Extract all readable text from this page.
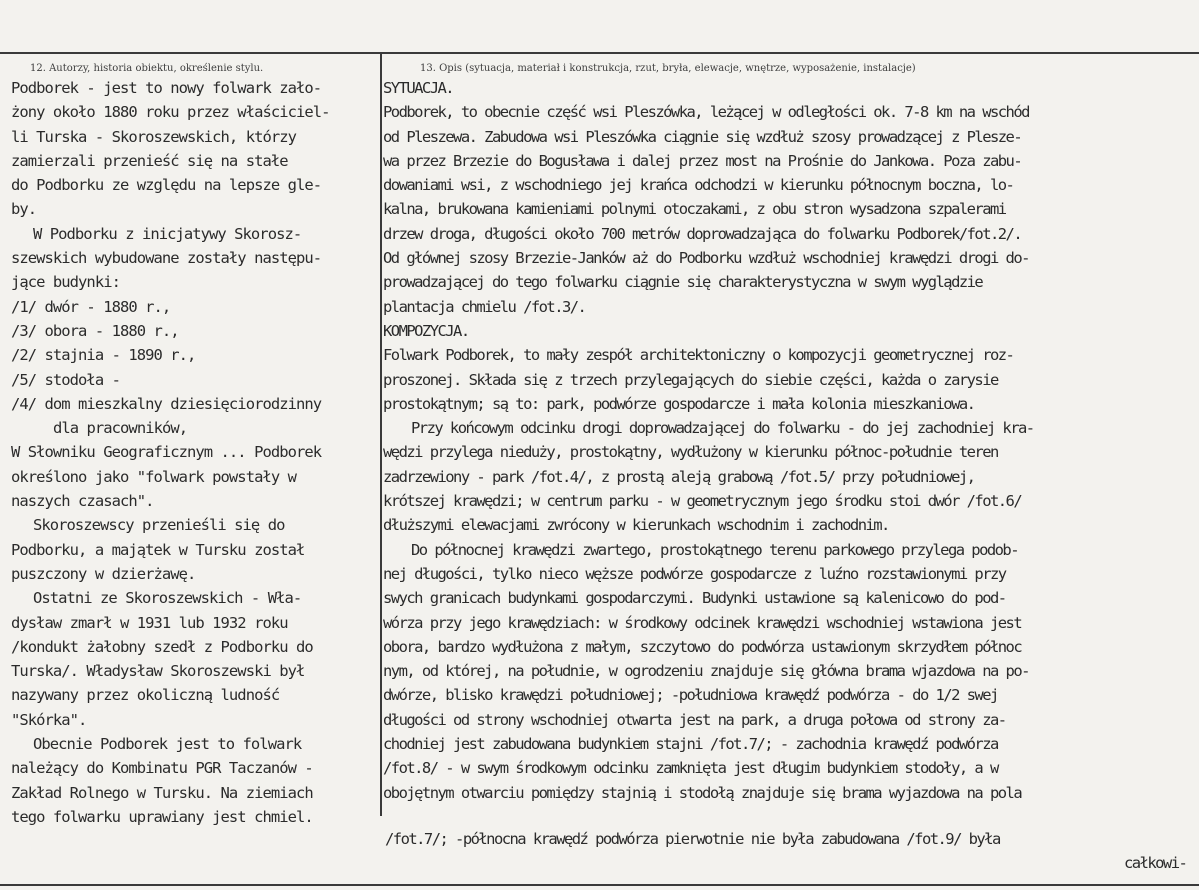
12. Autorzy, historia obiektu, określenie stylu.	13. Opis (sytuacja, materiał i konstrukcja, rzut, bryła, elewacje, wnętrze, wyposażenie, instalacje)
Podborek - jest to nowy folwark zało-
żony około 1880 roku przez właściciel-
li Turska - Skoroszewskich, którzy
zamierzali przenieść się na stałe
do Podborku ze względu na lepsze gle-
by.
W Podborku z inicjatywy Skorosz-
szewskich wybudowane zostały następu-
jące budynki:
/1/ dwór - 1880 r.,
/3/ obora - 1880 r.,
/2/ stajnia - 1890 r.,
/5/ stodoła -
/4/ dom mieszkalny dziesięciorodzinny
dla pracowników,
W Słowniku Geograficznym ... Podborek
określono jako "folwark powstały w
naszych czasach".
Skoroszewscy przenieśli się do
Podborku, a majątek w Tursku został
puszczony w dzierżawę.
Ostatni ze Skoroszewskich - Wła-
dysław zmarł w 1931 lub 1932 roku
/kondukt żałobny szedł z Podborku do
Turska/. Władysław Skoroszewski był
nazywany przez okoliczną ludność
"Skórka".
Obecnie Podborek jest to folwark
należący do Kombinatu PGR Taczanów -
Zakład Rolnego w Tursku. Na ziemiach
tego folwarku uprawiany jest chmiel.
SYTUACJA.
Podborek, to obecnie część wsi Pleszówka, leżącej w odległości ok. 7-8 km na wschód
od Pleszewa. Zabudowa wsi Pleszówka ciągnie się wzdłuż szosy prowadzącej z Plesze-
wa przez Brzezie do Bogusława i dalej przez most na Prośnie do Jankowa. Poza zabu-
dowaniami wsi, z wschodniego jej krańca odchodzi w kierunku północnym boczna, lo-
kalna, brukowana kamieniami polnymi otoczakami, z obu stron wysadzona szpalerami
drzew droga, długości około 700 metrów doprowadzająca do folwarku Podborek/fot.2/.
Od głównej szosy Brzezie-Janków aż do Podborku wzdłuż wschodniej krawędzi drogi do-
prowadzającej do tego folwarku ciągnie się charakterystyczna w swym wyglądzie
plantacja chmielu /fot.3/.
KOMPOZYCJA.
Folwark Podborek, to mały zespół architektoniczny o kompozycji geometrycznej roz-
proszonej. Składa się z trzech przylegających do siebie części, każda o zarysie
prostokątnym; są to: park, podwórze gospodarcze i mała kolonia mieszkaniowa.
Przy końcowym odcinku drogi doprowadzającej do folwarku - do jej zachodniej kra-
wędzi przylega nieduży, prostokątny, wydłużony w kierunku północ-południe teren
zadrzewiony - park /fot.4/, z prostą aleją grabową /fot.5/ przy południowej,
krótszej krawędzi; w centrum parku - w geometrycznym jego środku stoi dwór /fot.6/
dłuższymi elewacjami zwrócony w kierunkach wschodnim i zachodnim.
Do północnej krawędzi zwartego, prostokątnego terenu parkowego przylega podob-
nej długości, tylko nieco węższe podwórze gospodarcze z luźno rozstawionymi przy
swych granicach budynkami gospodarczymi. Budynki ustawione są kalenicowo do pod-
wórza przy jego krawędziach: w środkowy odcinek krawędzi wschodniej wstawiona jest
obora, bardzo wydłużona z małym, szczytowo do podwórza ustawionym skrzydłem północ
nym, od której, na południe, w ogrodzeniu znajduje się główna brama wjazdowa na po-
dwórze, blisko krawędzi południowej; -południowa krawędź podwórza - do 1/2 swej
długości od strony wschodniej otwarta jest na park, a druga połowa od strony za-
chodniej jest zabudowana budynkiem stajni /fot.7/; - zachodnia krawędź podwórza
/fot.8/ - w swym środkowym odcinku zamknięta jest długim budynkiem stodoły, a w
obojętnym otwarciu pomiędzy stajnią i stodołą znajduje się brama wyjazdowa na pola
/fot.7/; -północna krawędź podwórza pierwotnie nie była zabudowana /fot.9/ była
całkowi-
